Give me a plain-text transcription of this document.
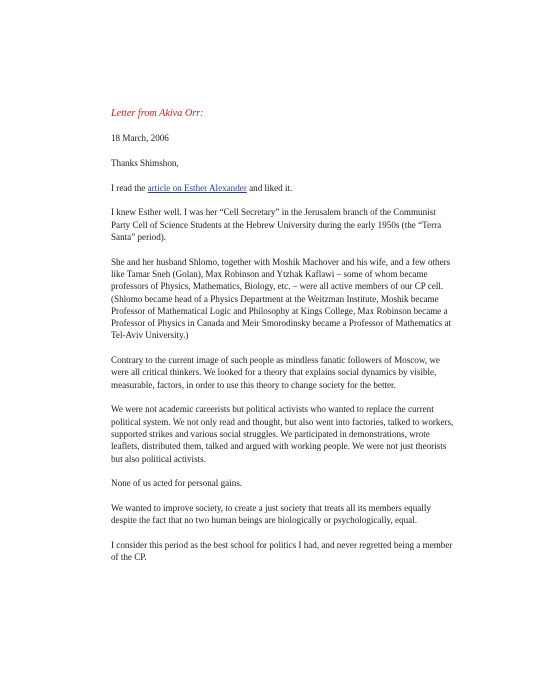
Letter from Akiva Orr:
18 March, 2006
Thanks Shimshon,
I read the article on Esther Alexander and liked it.
I knew Esther well. I was her “Cell Secretary” in the Jerusalem branch of the Communist Party Cell of Science Students at the Hebrew University during the early 1950s (the “Terra Santa” period).
She and her husband Shlomo, together with Moshik Machover and his wife, and a few others like Tamar Sneh (Golan), Max Robinson and Ytzhak Kaflawi – some of whom became professors of Physics, Mathematics, Biology, etc. – were all active members of our CP cell. (Shlomo became head of a Physics Department at the Weitzman Institute, Moshik became Professor of Mathematical Logic and Philosophy at Kings College, Max Robinson became a Professor of Physics in Canada and Meir Smorodinsky became a Professor of Mathematics at Tel-Aviv University.)
Contrary to the current image of such people as mindless fanatic followers of Moscow, we were all critical thinkers. We looked for a theory that explains social dynamics by visible, measurable, factors, in order to use this theory to change society for the better.
We were not academic careerists but political activists who wanted to replace the current political system. We not only read and thought, but also went into factories, talked to workers, supported strikes and various social struggles. We participated in demonstrations, wrote leaflets, distributed them, talked and argued with working people. We were not just theorists but also political activists.
None of us acted for personal gains.
We wanted to improve society, to create a just society that treats all its members equally despite the fact that no two human beings are biologically or psychologically, equal.
I consider this period as the best school for politics I had, and never regretted being a member of the CP.
